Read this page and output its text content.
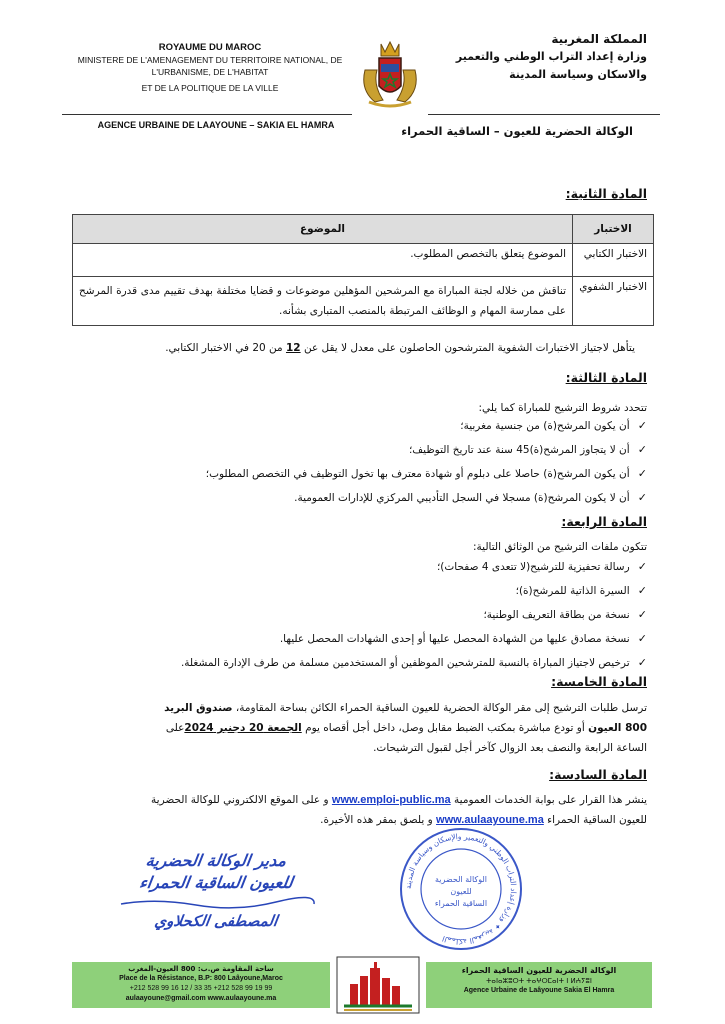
ROYAUME DU MAROC
MINISTERE DE L'AMENAGEMENT DU TERRITOIRE NATIONAL, DE
L'URBANISME, DE L'HABITAT
ET DE LA POLITIQUE DE LA VILLE
المملكة المغربية
وزارة إعداد التراب الوطني والتعمير
والاسكان وسياسة المدينة
AGENCE URBAINE DE LAAYOUNE – SAKIA EL HAMRA	الوكالة الحضرية للعيون – الساقية الحمراء
المادة الثانية:
الاختبار	الموضوع
الاختبار الكتابي	الموضوع يتعلق بالتخصص المطلوب.
الاختبار الشفوي	تناقش من خلاله لجنة المباراة مع المرشحين المؤهلين موضوعات و قضايا مختلفة بهدف تقييم مدى قدرة المرشح على ممارسة المهام و الوظائف المرتبطة بالمنصب المتبارى بشأنه.
يتأهل لاجتياز الاختبارات الشفوية المترشحون الحاصلون على معدل لا يقل عن 12 من 20 في الاختبار الكتابي.
المادة الثالثة:
تتحدد شروط الترشيح للمباراة كما يلي:
✓ أن يكون المرشح(ة) من جنسية مغربية؛
✓ أن لا يتجاوز المرشح(ة)45 سنة عند تاريخ التوظيف؛
✓ أن يكون المرشح(ة) حاصلا على دبلوم أو شهادة معترف بها تخول التوظيف في التخصص المطلوب؛
✓ أن لا يكون المرشح(ة) مسجلا في السجل التأديبي المركزي للإدارات العمومية.
المادة الرابعة:
تتكون ملفات الترشيح من الوثائق التالية:
✓ رسالة تحفيزية للترشيح(لا تتعدى 4 صفحات)؛
✓ السيرة الذاتية للمرشح(ة)؛
✓ نسخة من بطاقة التعريف الوطنية؛
✓ نسخة مصادق عليها من الشهادة المحصل عليها أو إحدى الشهادات المحصل عليها.
✓ ترخيص لاجتياز المباراة بالنسبة للمترشحين الموظفين أو المستخدمين مسلمة من طرف الإدارة المشغلة.
المادة الخامسة:
ترسل طلبات الترشيح إلى مقر الوكالة الحضرية للعيون الساقية الحمراء الكائن بساحة المقاومة، صندوق البريد
800 العيون أو تودع مباشرة بمكتب الضبط مقابل وصل، داخل أجل أقصاه يوم الجمعة 20 دجنبر 2024على
الساعة الرابعة والنصف بعد الزوال كآخر أجل لقبول الترشيحات.
المادة السادسة:
ينشر هذا القرار على بوابة الخدمات العمومية www.emploi-public.ma و على الموقع الالكتروني للوكالة الحضرية
للعيون الساقية الحمراء www.aulaayoune.ma و يلصق بمقر هذه الأخيرة.
مدير الوكالة الحضرية
للعيون الساقية الحمراء
المصطفى الكحلاوي
المملكة المغربية ✦ وزارة إعداد التراب الوطني والتعمير والإسكان وسياسة المدينة
الوكالة الحضرية
للعيون
الساقية الحمراء
ساحة المقاومة ص.ب: 800 العيون-المغرب
Place de la Résistance, B.P: 800 Laâyoune,Maroc
+212 528 99 16 12 / 33 35 +212 528 99 19 99
aulaayoune@gmail.com www.aulaayoune.ma
الوكالة الحضرية للعيون الساقية الحمراء
ⵜⴰⵏⴰⵣⵓⵔⵜ ⵜⴰⵖⵔⵎⴰⵏⵜ ⵏ ⵍⵄⵢⵓⵏ
Agence Urbaine de Laâyoune Sakia El Hamra
